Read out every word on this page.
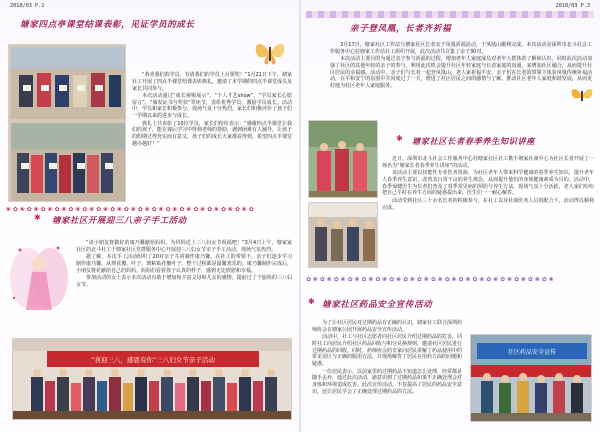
2018/03 P.2
塘家四点亭课堂结课表彰，见证学员的成长

“恭喜我们的学员，有请我们的学员上台领奖！”1月21日下午，塘家社工开展了四点半课堂结课表彰典礼，邀请了本学期的四点半课堂成员及家长共同参与。

本次活动通过“成长视频展示”、“个人才艺show”、“学员家长心愿留言”、“颁发证书与奖状”等环节，表彰优秀学员，激励学员成长。活动中，学员和家长积极参与，现场气氛十分热烈，家长们积极评价了孩子们一学期以来的进步与成长。

典礼上共表彰了10位学员，家长们纷纷表示：“感谢四点半课堂让我们的孩子，能在课后学习中得到老师的帮助，遇到困难有人辅导，让孩子的假期过得充实而有意义，孩子们的成长大家都看得到，希望四点半课堂越办越好！”

❀ ✿ ❀ ✿ ❀ ✿ ❀ ✿ ❀ ✿ ❀ ✿ ❀ ✿ ❀ ✿ ❀ ✿ ❀ ✿ ❀ ✿ ❀ ✿ ❀ ✿ ❀ ✿ ❀ ✿ ❀ ✿ ❀ ✿ ❀ ✿
✱ 塘家社区开展迎三八亲子手工活动

“请小朋友将做好的康乃馨献给妈妈，为妈妈送上三八妇女节祝福吧！”3月4日上午，塘家家社区的北斗社工于塘家社区党群服务中心开展迎三八妇女节亲子手工活动，现场气氛热烈。

据了解，本次手工活动组织了20对亲子共同制作康乃馨，在社工的带领下，亲子们逐步学习制作康乃馨，从剪花瓣、叶子，到粘贴花瓣叶子，整个过程都是温馨欢乐的。康乃馨制作完成后，小朋友将花献给自己的妈妈，妈妈们看着孩子认真的样子，感到无比欣慰和幸福。

参加活动的女士表示本次活动有助于增加和丰富父母和儿女的感情，提前过了个愉快的三八妇女节。

“喜迎三八，感恩有你”三八妇女节亲子活动
2018/03 P.3
亲子登凤凰，长者齐祈福

3月17日，塘家社区工作站与塘家社区长者亲子凤凰祈福活动，于凤凰山顺利完成。本次活动是深圳市北斗社会工作服务中心驻塘家工作站社工组织开展，此次活动共召集了亲子30对。

本次活动主要目的为通过亲子参与祈福的过程，增加老年人家庭成员对老年人群体的了解和认识，同时此次活动加强了社区的其他年轻的亲子的参与，利用此次机会提升社区年轻家庭与长者家庭的沟通，来增加社区融合，从而提升社区居民的幸福感。活动中，亲子们与长者一起登凤凰山，老人家祈福平安，亲子们在长者的带领下体验凤凰传统祈福活动，在平和安宁的氛围中共同度过了一天，增进了社区居民之间的感情与了解。推动社区老年人家庭和谐发展，从而更好地为社区老年人家庭服务。

✱ 塘家社区长者春季养生知识讲座

近日，深圳市北斗社会工作服务中心驻塘家社区社工携手塘家社康中心为社区长者开展了一场名为“塘家长者春季养生讲座”的活动。

该活动主要以技能性专业医务资源，为社区老年人带来科学健康的春季养生知识，提升老年人春季养生意识，改善其日常不良的养生观念，从而提升他们的身体健康素质为目的。活动中，春季保健医生为长者们普及了春季常见病的预防与养生方法，现场气氛十分活跃，老人家们纷纷把自己平时在养生方面的疑惑提出来，医生们一一耐心解答。

活动受到社区三十余名长者的积极参与，在社工以及社康医务人员的配合下，活动得以顺利完成。

✿ ❀ ✿ ❀ ✿ ❀ ✿ ❀ ✿ ❀ ✿ ❀ ✿ ❀ ✿ ❀ ✿ ❀ ✿ ❀ ✿ ❀ ✿ ❀ ✿ ❀ ✿ ❀ ✿ ❀ ✿ ❀ ✿ ❀ ✿ ❀
✱ 塘家社区药品安全宣传活动

为了让社区居民对过期药品有正确的认识，塘家社工联合深圳药师协会在塘家公园开展药品安全宣传活动。

活动中，社工与社区志愿者向社区居民介绍过期药品的危害，同时社工向居民介绍社区药品回收与积分兑换规则，邀请社区居民进行过期药品的回收。同时，药师协会的专家向居民讲解了药品使用中的常见误区与正确的服用方法，并现场解答了居民在用药方面的问题和疑惑。

一位居民表示，以前家里的过期药品不知道怎么处理，经常都是随手丢弃，通过此次活动，她意识到了过期药品如果不正确处理会对身体和环境造成危害。此次宣传活动，不仅提高了居民的药品安全意识，还让居民学会了正确处理过期药品的方法。

社区药品安全宣传
